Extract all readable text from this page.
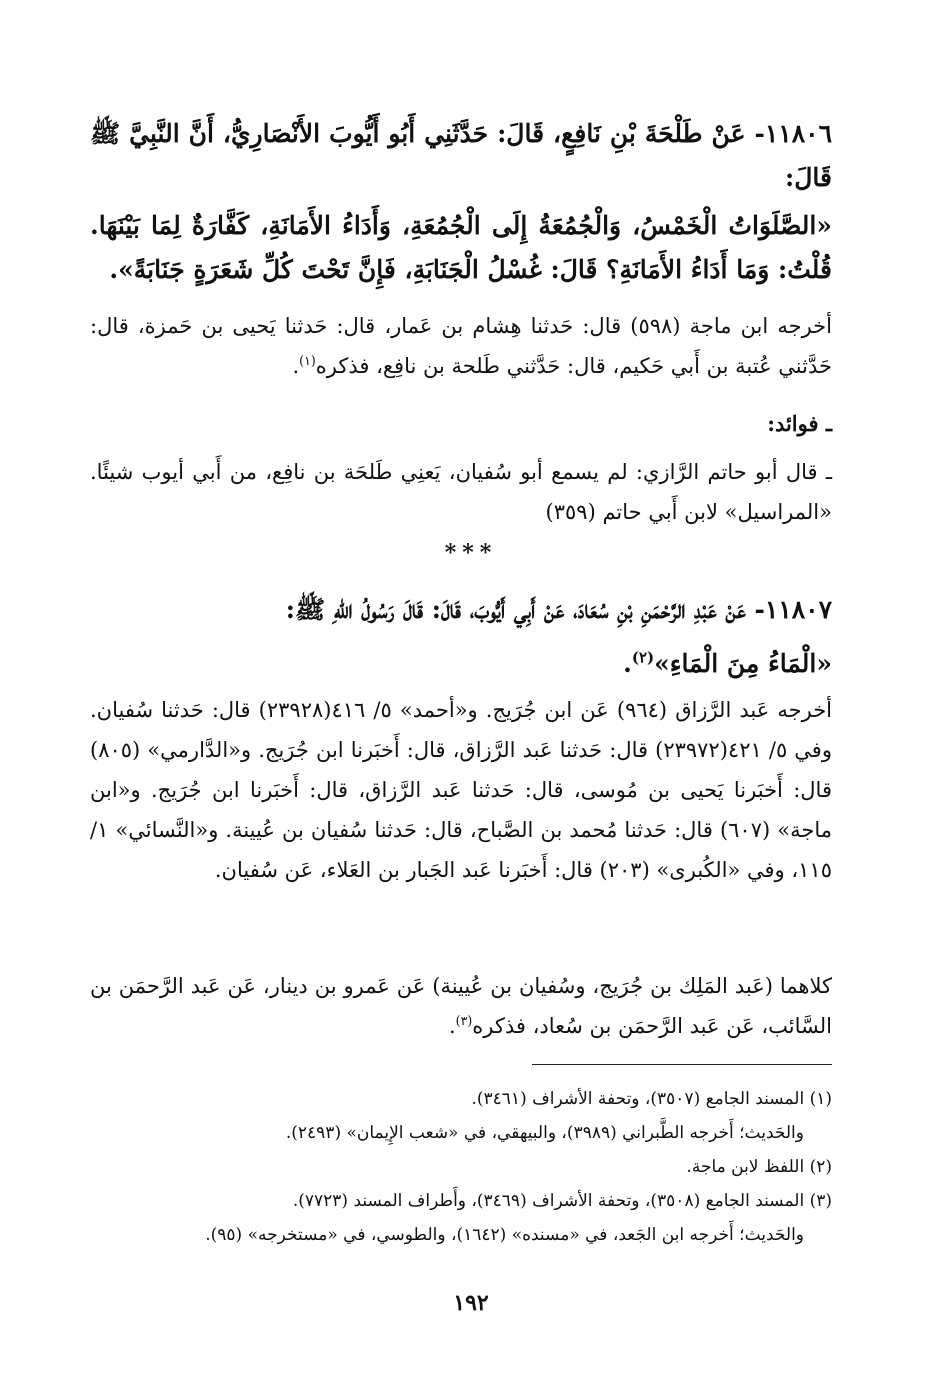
١١٨٠٦- عَنْ طَلْحَةَ بْنِ نَافِعٍ، قَالَ: حَدَّثَنِي أَبُو أَيُّوبَ الأَنْصَارِيُّ، أَنَّ النَّبِيَّ ﷺ قَالَ:

«الصَّلَوَاتُ الْخَمْسُ، وَالْجُمُعَةُ إِلَى الْجُمُعَةِ، وَأَدَاءُ الأَمَانَةِ، كَفَّارَةٌ لِمَا بَيْنَهَا. قُلْتُ: وَمَا أَدَاءُ الأَمَانَةِ؟ قَالَ: غُسْلُ الْجَنَابَةِ، فَإِنَّ تَحْتَ كُلِّ شَعَرَةٍ جَنَابَةً».

أخرجه ابن ماجة (٥٩٨) قال: حَدثنا هِشام بن عَمار، قال: حَدثنا يَحيى بن حَمزة، قال: حَدَّثني عُتبة بن أَبي حَكيم، قال: حَدَّثني طَلحة بن نافِع، فذكره$^{(١)}$.

ـ فوائد:

ـ قال أبو حاتم الرَّازي: لم يسمع أبو سُفيان، يَعنِي طَلحَة بن نافِع، من أَبي أيوب شيئًا. «المراسيل» لابن أَبي حاتم (٣٥٩)

***

١١٨٠٧- عَنْ عَبْدِ الرَّحْمَنِ بْنِ سُعَادَ، عَنْ أَبِي أَيُّوبَ، قَالَ: قَالَ رَسُولُ اللهِ ﷺ:

«الْمَاءُ مِنَ الْمَاءِ»$^{(٢)}$.

أخرجه عَبد الرَّزاق (٩٦٤) عَن ابن جُرَيج. و«أحمد» ٥/ ٤١٦(٢٣٩٢٨) قال: حَدثنا سُفيان. وفي ٥/ ٤٢١(٢٣٩٧٢) قال: حَدثنا عَبد الرَّزاق، قال: أَخبَرنا ابن جُرَيج. و«الدَّارمي» (٨٠٥) قال: أَخبَرنا يَحيى بن مُوسى، قال: حَدثنا عَبد الرَّزاق، قال: أَخبَرنا ابن جُرَيج. و«ابن ماجة» (٦٠٧) قال: حَدثنا مُحمد بن الصَّباح، قال: حَدثنا سُفيان بن عُيينة. و«النَّسائي» ١/ ١١٥، وفي «الكُبرى» (٢٠٣) قال: أَخبَرنا عَبد الجَبار بن العَلاء، عَن سُفيان.

كلاهما (عَبد المَلِك بن جُرَيج، وسُفيان بن عُيينة) عَن عَمرو بن دينار، عَن عَبد الرَّحمَن بن السَّائب، عَن عَبد الرَّحمَن بن سُعاد، فذكره$^{(٣)}$.

(١) المسند الجامع (٣٥٠٧)، وتحفة الأشراف (٣٤٦١).

والحَديث؛ أَخرجه الطَّبراني (٣٩٨٩)، والبيهقي، في «شعب الإِيمان» (٢٤٩٣).

(٢) اللفظ لابن ماجة.

(٣) المسند الجامع (٣٥٠٨)، وتحفة الأشراف (٣٤٦٩)، وأَطراف المسند (٧٧٢٣).

والحَديث؛ أَخرجه ابن الجَعد، في «مسنده» (١٦٤٢)، والطوسي، في «مستخرجه» (٩٥).

١٩٢
